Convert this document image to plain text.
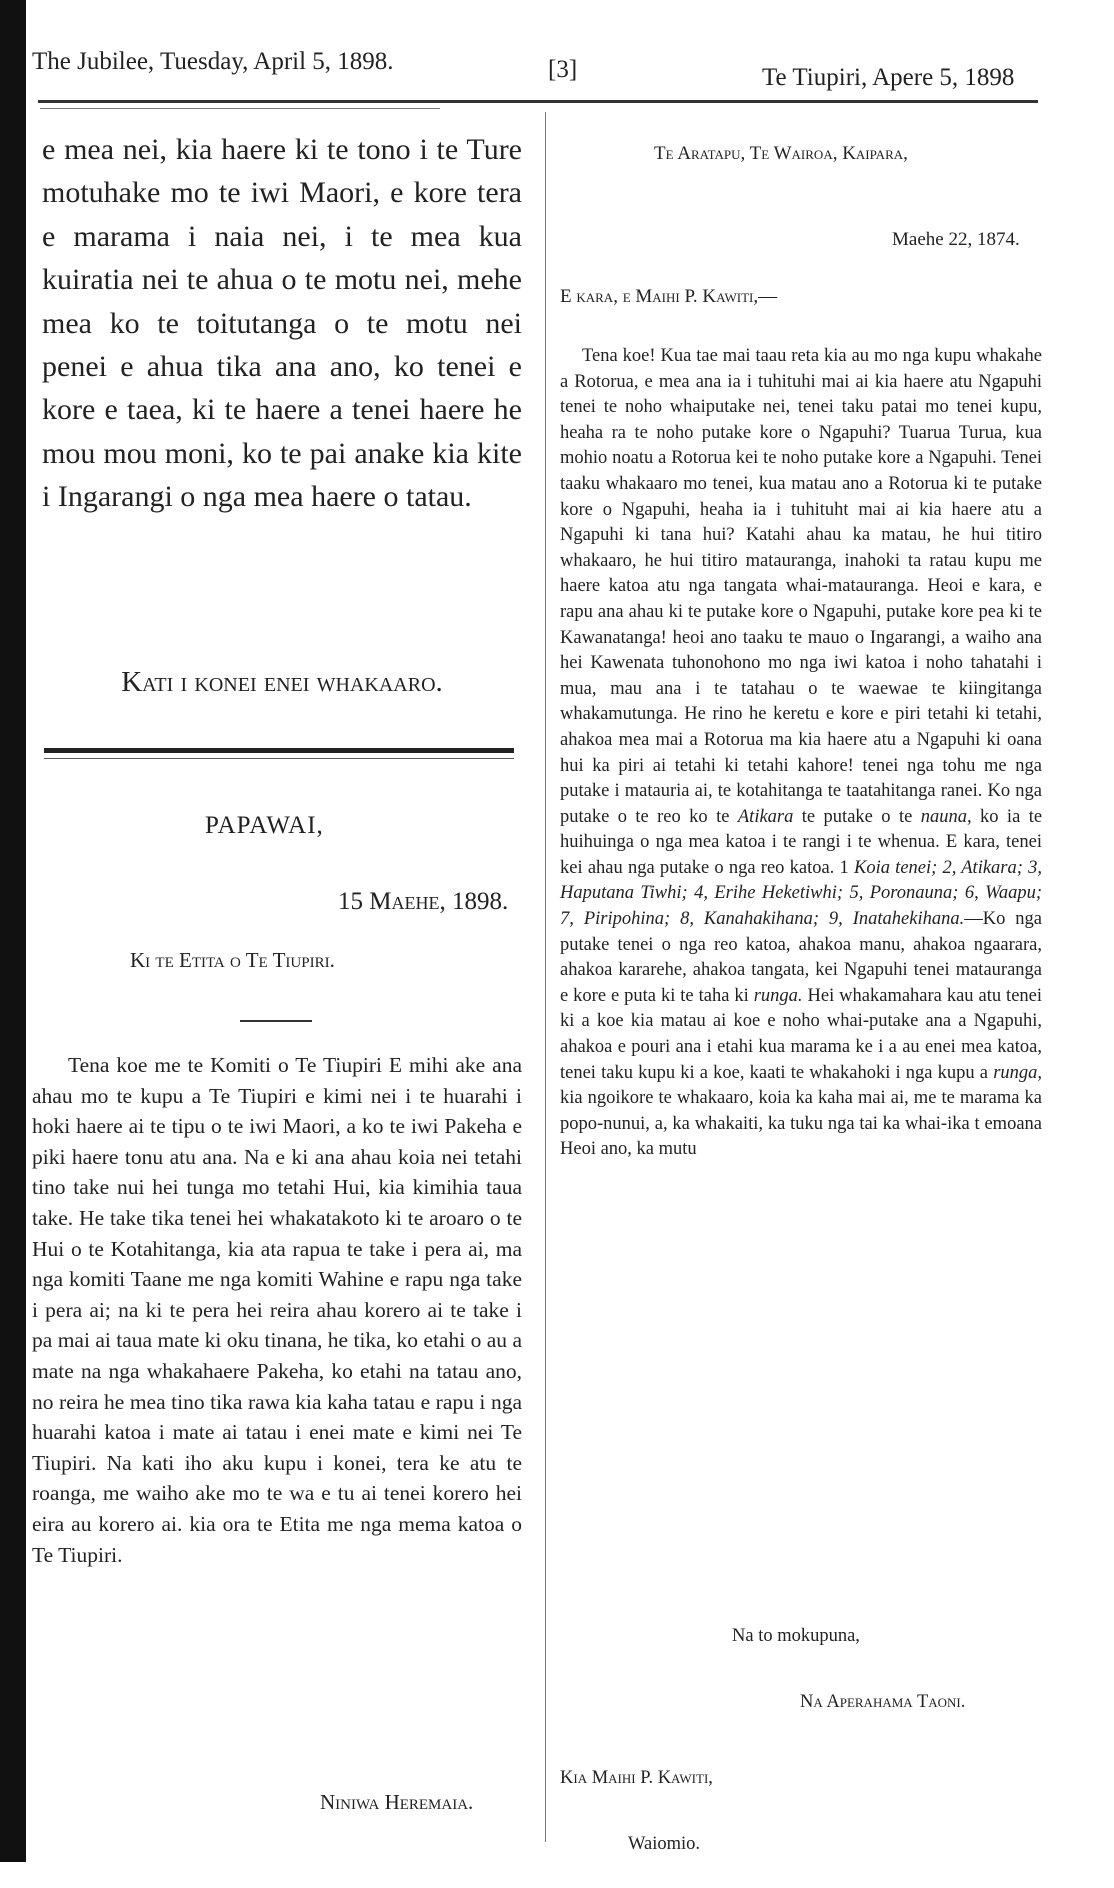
The Jubilee, Tuesday, April 5, 1898.	[3]	Te Tiupiri, Apere 5, 1898

e mea nei, kia haere ki te tono i te Ture motuhake mo te iwi Maori, e kore tera e marama i naia nei, i te mea kua kuiratia nei te ahua o te motu nei, mehe mea ko te toitutanga o te motu nei penei e ahua tika ana ano, ko tenei e kore e taea, ki te haere a tenei haere he mou mou moni, ko te pai anake kia kite i Ingarangi o nga mea haere o tatau.

Kati i konei enei whakaaro.
PAPAWAI,
15 Maehe, 1898.
Ki te Etita o Te Tiupiri.

Tena koe me te Komiti o Te Tiupiri E mihi ake ana ahau mo te kupu a Te Tiupiri e kimi nei i te huarahi i hoki haere ai te tipu o te iwi Maori, a ko te iwi Pakeha e piki haere tonu atu ana. Na e ki ana ahau koia nei tetahi tino take nui hei tunga mo tetahi Hui, kia kimihia taua take. He take tika tenei hei whakatakoto ki te aroaro o te Hui o te Kotahitanga, kia ata rapua te take i pera ai, ma nga komiti Taane me nga komiti Wahine e rapu nga take i pera ai; na ki te pera hei reira ahau korero ai te take i pa mai ai taua mate ki oku tinana, he tika, ko etahi o au a mate na nga whakahaere Pakeha, ko etahi na tatau ano, no reira he mea tino tika rawa kia kaha tatau e rapu i nga huarahi katoa i mate ai tatau i enei mate e kimi nei Te Tiupiri. Na kati iho aku kupu i konei, tera ke atu te roanga, me waiho ake mo te wa e tu ai tenei korero hei eira au korero ai. kia ora te Etita me nga mema katoa o Te Tiupiri.

Niniwa Heremaia.
Te Aratapu, Te Wairoa, Kaipara,
Maehe 22, 1874.
E kara, e Maihi P. Kawiti,—

Tena koe! Kua tae mai taau reta kia au mo nga kupu whakahe a Rotorua, e mea ana ia i tuhituhi mai ai kia haere atu Ngapuhi tenei te noho whaiputake nei, tenei taku patai mo tenei kupu, heaha ra te noho putake kore o Ngapuhi? Tuarua Turua, kua mohio noatu a Rotorua kei te noho putake kore a Ngapuhi. Tenei taaku whakaaro mo tenei, kua matau ano a Rotorua ki te putake kore o Ngapuhi, heaha ia i tuhituht mai ai kia haere atu a Ngapuhi ki tana hui? Katahi ahau ka matau, he hui titiro whakaaro, he hui titiro matauranga, inahoki ta ratau kupu me haere katoa atu nga tangata whai-matauranga. Heoi e kara, e rapu ana ahau ki te putake kore o Ngapuhi, putake kore pea ki te Kawanatanga! heoi ano taaku te mauo o Ingarangi, a waiho ana hei Kawenata tuhonohono mo nga iwi katoa i noho tahatahi i mua, mau ana i te tatahau o te waewae te kiingitanga whakamutunga. He rino he keretu e kore e piri tetahi ki tetahi, ahakoa mea mai a Rotorua ma kia haere atu a Ngapuhi ki oana hui ka piri ai tetahi ki tetahi kahore! tenei nga tohu me nga putake i matauria ai, te kotahitanga te taatahitanga ranei. Ko nga putake o te reo ko te Atikara te putake o te nauna, ko ia te huihuinga o nga mea katoa i te rangi i te whenua. E kara, tenei kei ahau nga putake o nga reo katoa. 1 Koia tenei; 2, Atikara; 3, Haputana Tiwhi; 4, Erihe Heketiwhi; 5, Poronauna; 6, Waapu; 7, Piripohina; 8, Kanahakihana; 9, Inatahekihana.—Ko nga putake tenei o nga reo katoa, ahakoa manu, ahakoa ngaarara, ahakoa kararehe, ahakoa tangata, kei Ngapuhi tenei matauranga e kore e puta ki te taha ki runga. Hei whakamahara kau atu tenei ki a koe kia matau ai koe e noho whai-putake ana a Ngapuhi, ahakoa e pouri ana i etahi kua marama ke i a au enei mea katoa, tenei taku kupu ki a koe, kaati te whakahoki i nga kupu a runga, kia ngoikore te whakaaro, koia ka kaha mai ai, me te marama ka popo-nunui, a, ka whakaiti, ka tuku nga tai ka whai-ika t emoana Heoi ano, ka mutu

Na to mokupuna,
Na Aperahama Taoni.
Kia Maihi P. Kawiti,
Waiomio.
